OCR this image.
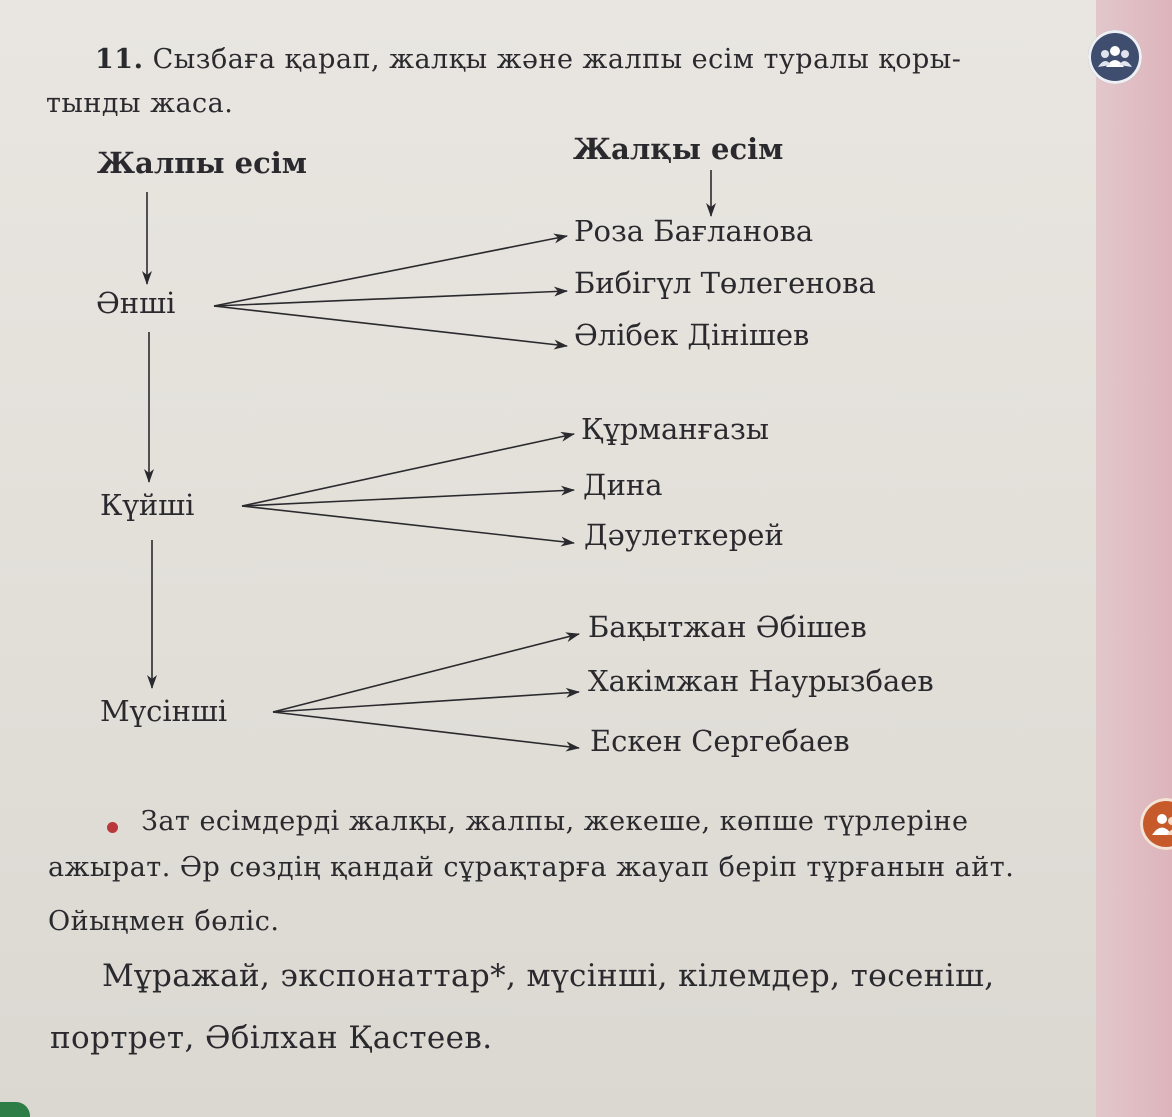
11. Сызбаға қарап, жалқы және жалпы есім туралы қоры-
тынды жаса.
Жалпы есім	Жалқы есім
Әнші
Күйші
Мүсінші
Роза Бағланова
Бибігүл Төлегенова
Әлібек Дінішев
Құрманғазы
Дина
Дәулеткерей
Бақытжан Әбішев
Хакімжан Наурызбаев
Ескен Сергебаев
Зат есімдерді жалқы, жалпы, жекеше, көпше түрлеріне
ажырат. Әр сөздің қандай сұрақтарға жауап беріп тұрғанын айт.
Ойыңмен бөліс.
Мұражай, экспонаттар*, мүсінші, кілемдер, төсеніш,
портрет, Әбілхан Қастеев.
